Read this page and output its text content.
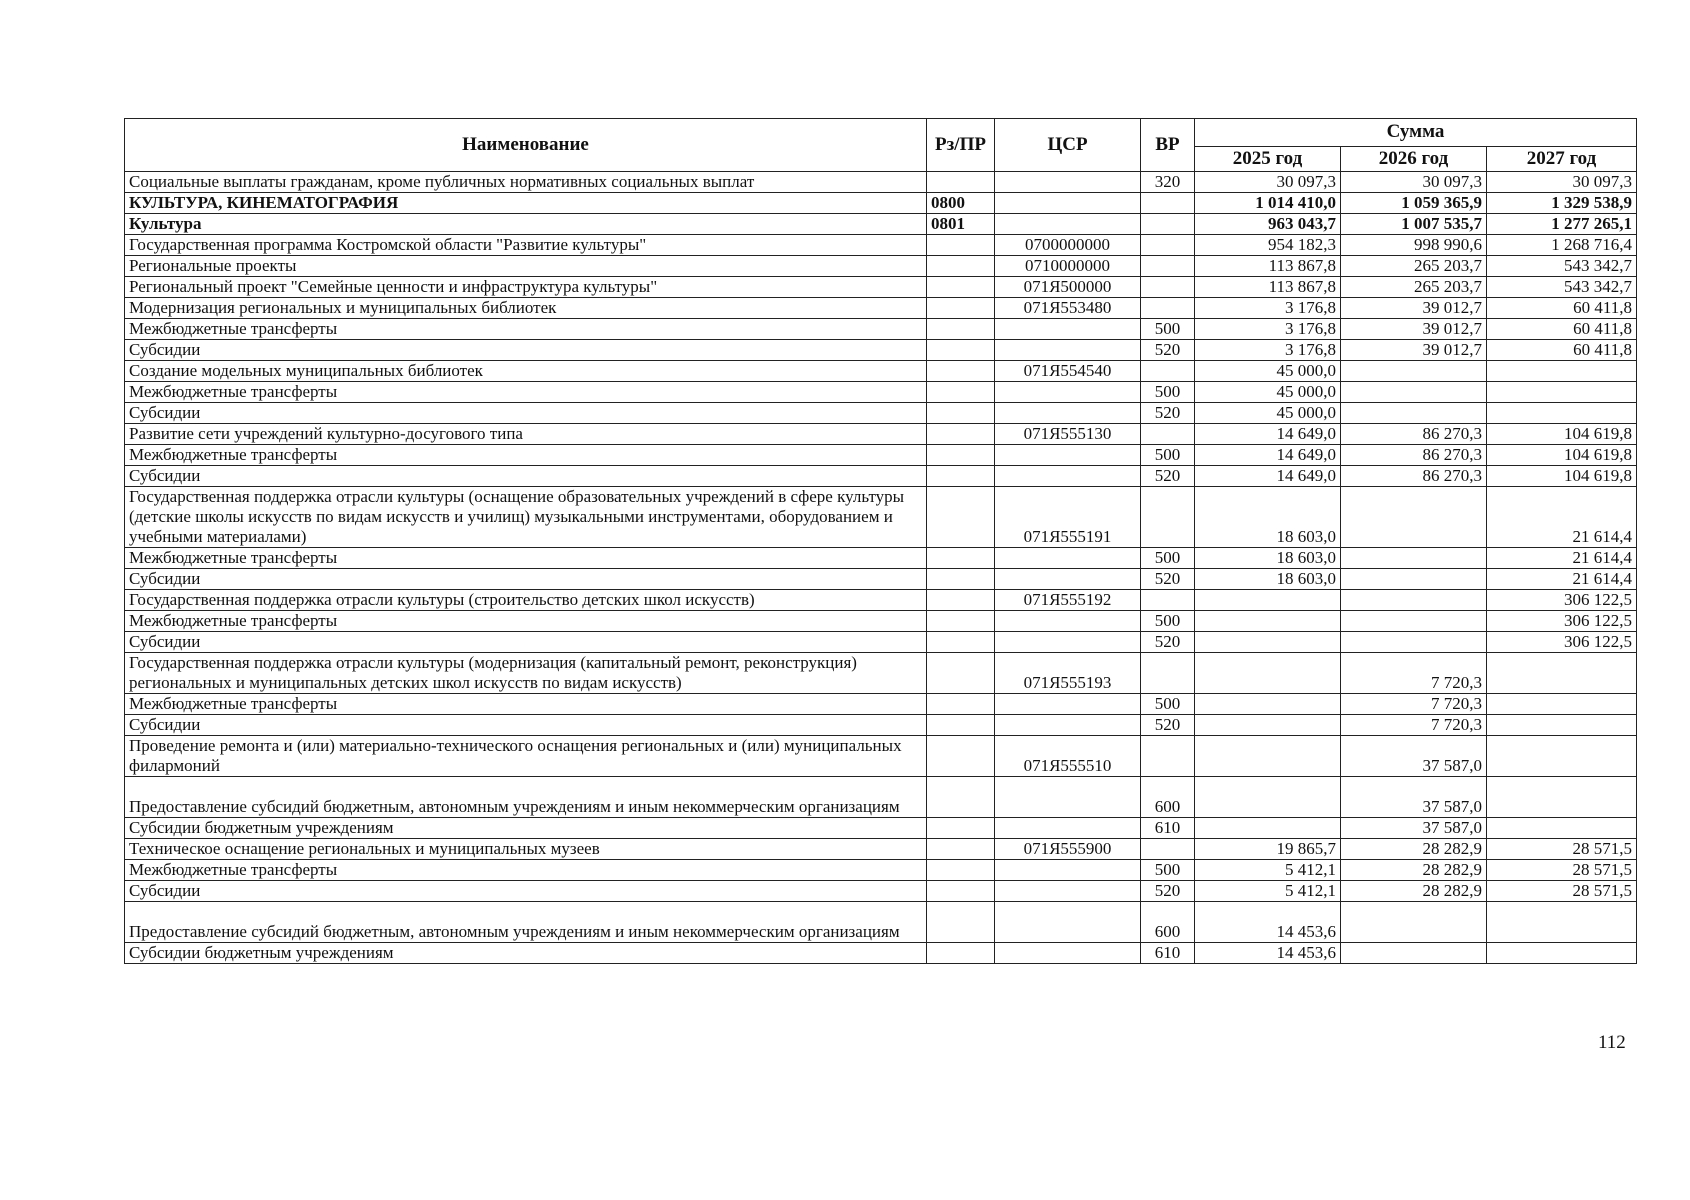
Наименование	Рз/ПР	ЦСР	ВР	Сумма		
				2025 год	2026 год	2027 год
Социальные выплаты гражданам, кроме публичных нормативных социальных выплат			320	30 097,3	30 097,3	30 097,3
КУЛЬТУРА, КИНЕМАТОГРАФИЯ	0800			1 014 410,0	1 059 365,9	1 329 538,9
Культура	0801			963 043,7	1 007 535,7	1 277 265,1
Государственная программа Костромской области "Развитие культуры"		0700000000		954 182,3	998 990,6	1 268 716,4
Региональные проекты		0710000000		113 867,8	265 203,7	543 342,7
Региональный проект "Семейные ценности и инфраструктура культуры"		071Я500000		113 867,8	265 203,7	543 342,7
Модернизация региональных и муниципальных библиотек		071Я553480		3 176,8	39 012,7	60 411,8
Межбюджетные трансферты			500	3 176,8	39 012,7	60 411,8
Субсидии			520	3 176,8	39 012,7	60 411,8
Создание модельных муниципальных библиотек		071Я554540		45 000,0		
Межбюджетные трансферты			500	45 000,0		
Субсидии			520	45 000,0		
Развитие сети учреждений культурно-досугового типа		071Я555130		14 649,0	86 270,3	104 619,8
Межбюджетные трансферты			500	14 649,0	86 270,3	104 619,8
Субсидии			520	14 649,0	86 270,3	104 619,8
Государственная поддержка отрасли культуры (оснащение образовательных учреждений в сфере культуры (детские школы искусств по видам искусств и училищ) музыкальными инструментами, оборудованием и учебными материалами)		071Я555191		18 603,0		21 614,4
Межбюджетные трансферты			500	18 603,0		21 614,4
Субсидии			520	18 603,0		21 614,4
Государственная поддержка отрасли культуры (строительство детских школ искусств)		071Я555192				306 122,5
Межбюджетные трансферты			500			306 122,5
Субсидии			520			306 122,5
Государственная поддержка отрасли культуры (модернизация (капитальный ремонт, реконструкция) региональных и муниципальных детских школ искусств по видам искусств)		071Я555193			7 720,3	
Межбюджетные трансферты			500		7 720,3	
Субсидии			520		7 720,3	
Проведение ремонта и (или) материально-технического оснащения региональных и (или) муниципальных филармоний		071Я555510			37 587,0	
Предоставление субсидий бюджетным, автономным учреждениям и иным некоммерческим организациям			600		37 587,0	
Субсидии бюджетным учреждениям			610		37 587,0	
Техническое оснащение региональных и муниципальных музеев		071Я555900		19 865,7	28 282,9	28 571,5
Межбюджетные трансферты			500	5 412,1	28 282,9	28 571,5
Субсидии			520	5 412,1	28 282,9	28 571,5
Предоставление субсидий бюджетным, автономным учреждениям и иным некоммерческим организациям			600	14 453,6		
Субсидии бюджетным учреждениям			610	14 453,6		
112
